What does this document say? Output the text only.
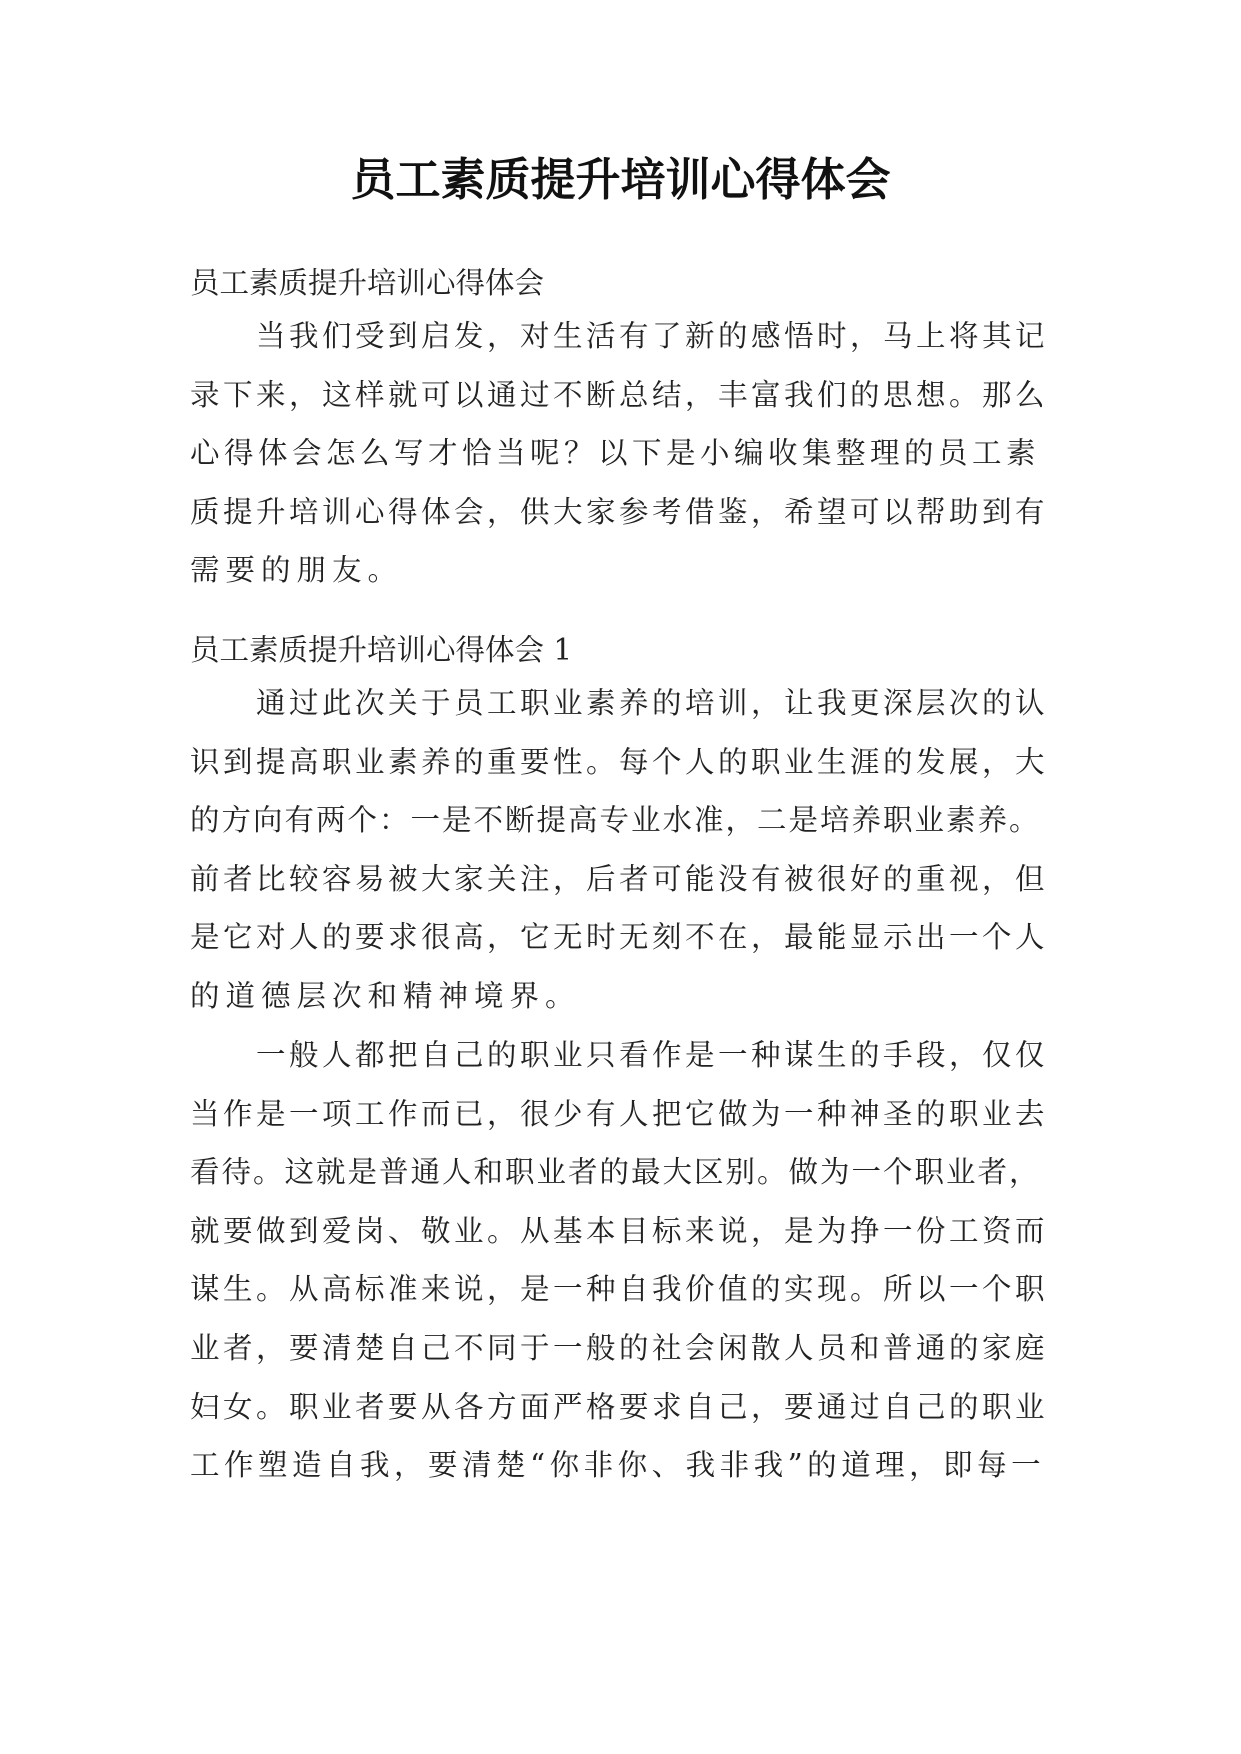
员工素质提升培训心得体会
员工素质提升培训心得体会
当我们受到启发，对生活有了新的感悟时，马上将其记
录下来，这样就可以通过不断总结，丰富我们的思想。那么
心得体会怎么写才恰当呢？以下是小编收集整理的员工素
质提升培训心得体会，供大家参考借鉴，希望可以帮助到有
需要的朋友。
员工素质提升培训心得体会 1
通过此次关于员工职业素养的培训，让我更深层次的认
识到提高职业素养的重要性。每个人的职业生涯的发展，大
的方向有两个：一是不断提高专业水准，二是培养职业素养。
前者比较容易被大家关注，后者可能没有被很好的重视，但
是它对人的要求很高，它无时无刻不在，最能显示出一个人
的道德层次和精神境界。
一般人都把自己的职业只看作是一种谋生的手段，仅仅
当作是一项工作而已，很少有人把它做为一种神圣的职业去
看待。这就是普通人和职业者的最大区别。做为一个职业者，
就要做到爱岗、敬业。从基本目标来说，是为挣一份工资而
谋生。从高标准来说，是一种自我价值的实现。所以一个职
业者，要清楚自己不同于一般的社会闲散人员和普通的家庭
妇女。职业者要从各方面严格要求自己，要通过自己的职业
工作塑造自我，要清楚“你非你、我非我”的道理，即每一
